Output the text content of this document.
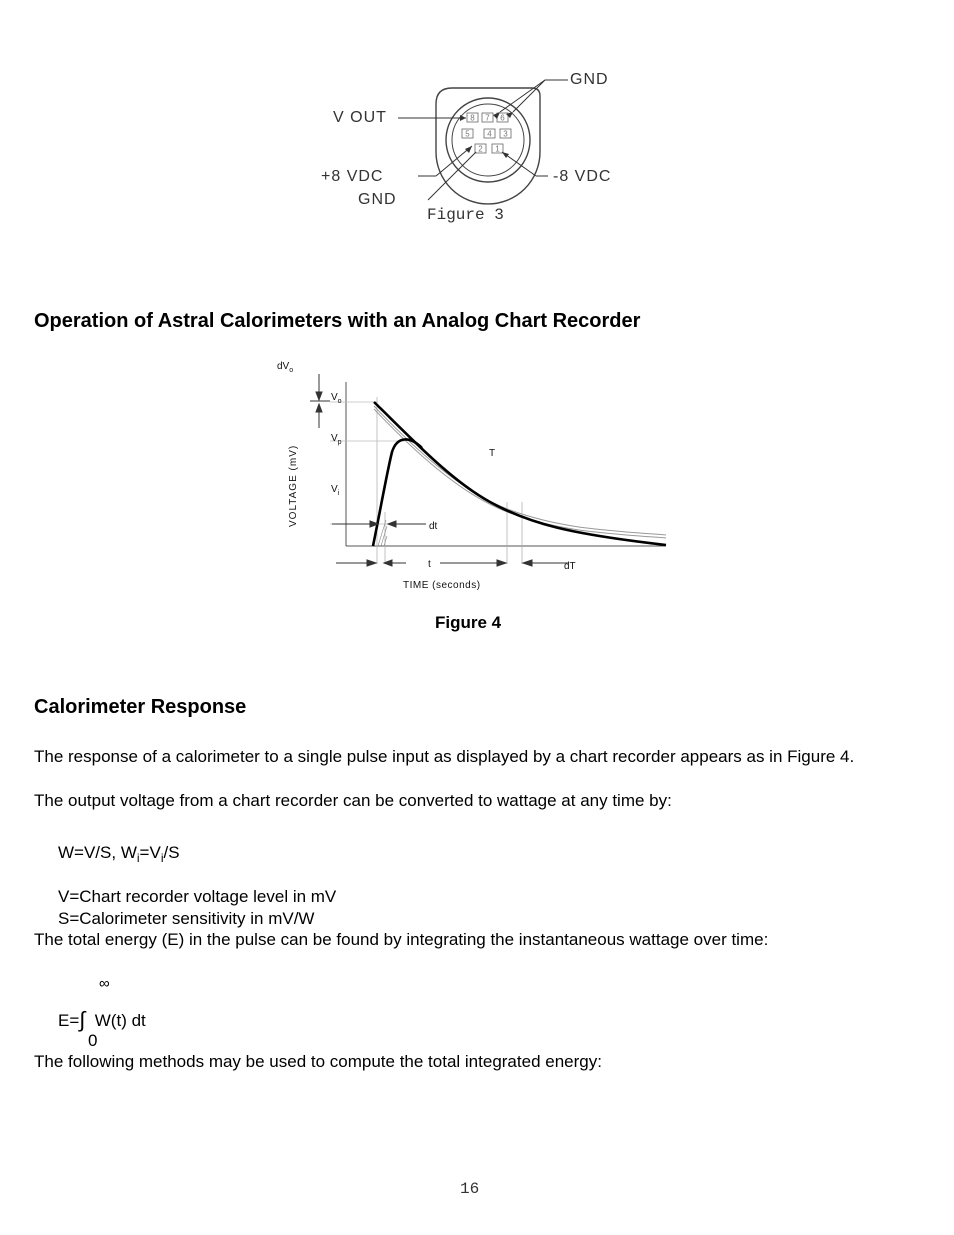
8 7 6
5 4 3
2 1
GND
V OUT
+8 VDC	-8 VDC
GND
Figure 3
Operation of Astral Calorimeters with an Analog Chart Recorder
$dV_o$
$V_o$
$V_p$
$V_i$
T
dt
t	dT
TIME (seconds)
VOLTAGE (mV)
Figure 4
Calorimeter Response
The response of a calorimeter to a single pulse input as displayed by a chart recorder appears as in Figure 4.
The output voltage from a chart recorder can be converted to wattage at any time by:
W=V/S, $W_i=V_i/S$
V=Chart recorder voltage level in mV
S=Calorimeter sensitivity in mV/W
The total energy (E) in the pulse can be found by integrating the instantaneous wattage over time:
∞
E=∫ W(t) dt
0
The following methods may be used to compute the total integrated energy:
16
